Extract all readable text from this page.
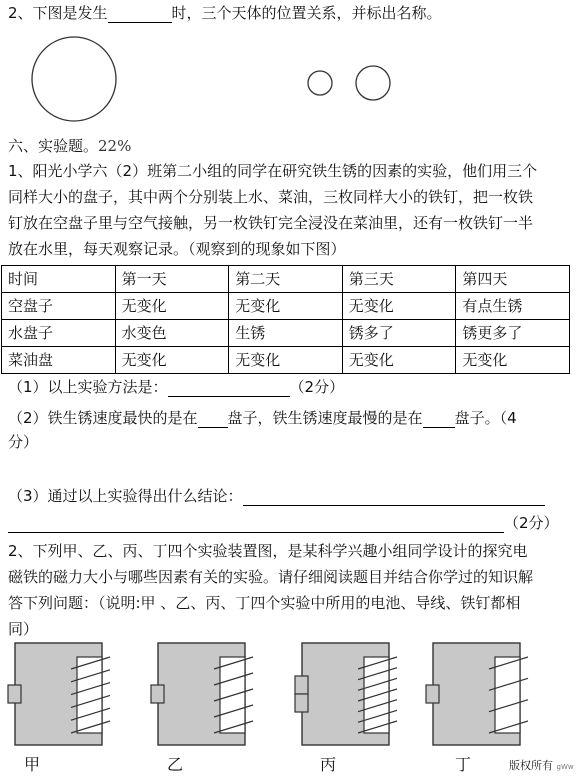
2、下图是发生	时，三个天体的位置关系，并标出名称。
六、实验题。22%
1、阳光小学六（2）班第二小组的同学在研究铁生锈的因素的实验，他们用三个
同样大小的盘子，其中两个分别装上水、菜油，三枚同样大小的铁钉，把一枚铁
钉放在空盘子里与空气接触，另一枚铁钉完全浸没在菜油里，还有一枚铁钉一半
放在水里，每天观察记录。（观察到的现象如下图）
时间	第一天	第二天	第三天	第四天
空盘子	无变化	无变化	无变化	有点生锈
水盘子	水变色	生锈	锈多了	锈更多了
菜油盘	无变化	无变化	无变化	无变化
（1）以上实验方法是：	（2分）
（2）铁生锈速度最快的是在 盘子，铁生锈速度最慢的是在 盘子。（4
分）
（3）通过以上实验得出什么结论：
（2分）
2、下列甲、乙、丙、丁四个实验装置图，是某科学兴趣小组同学设计的探究电
磁铁的磁力大小与哪些因素有关的实验。请仔细阅读题目并结合你学过的知识解
答下列问题：（说明:甲 、乙、丙、丁四个实验中所用的电池、导线、铁钉都相
同）
甲	乙	丙	丁	版权所有 gWw
